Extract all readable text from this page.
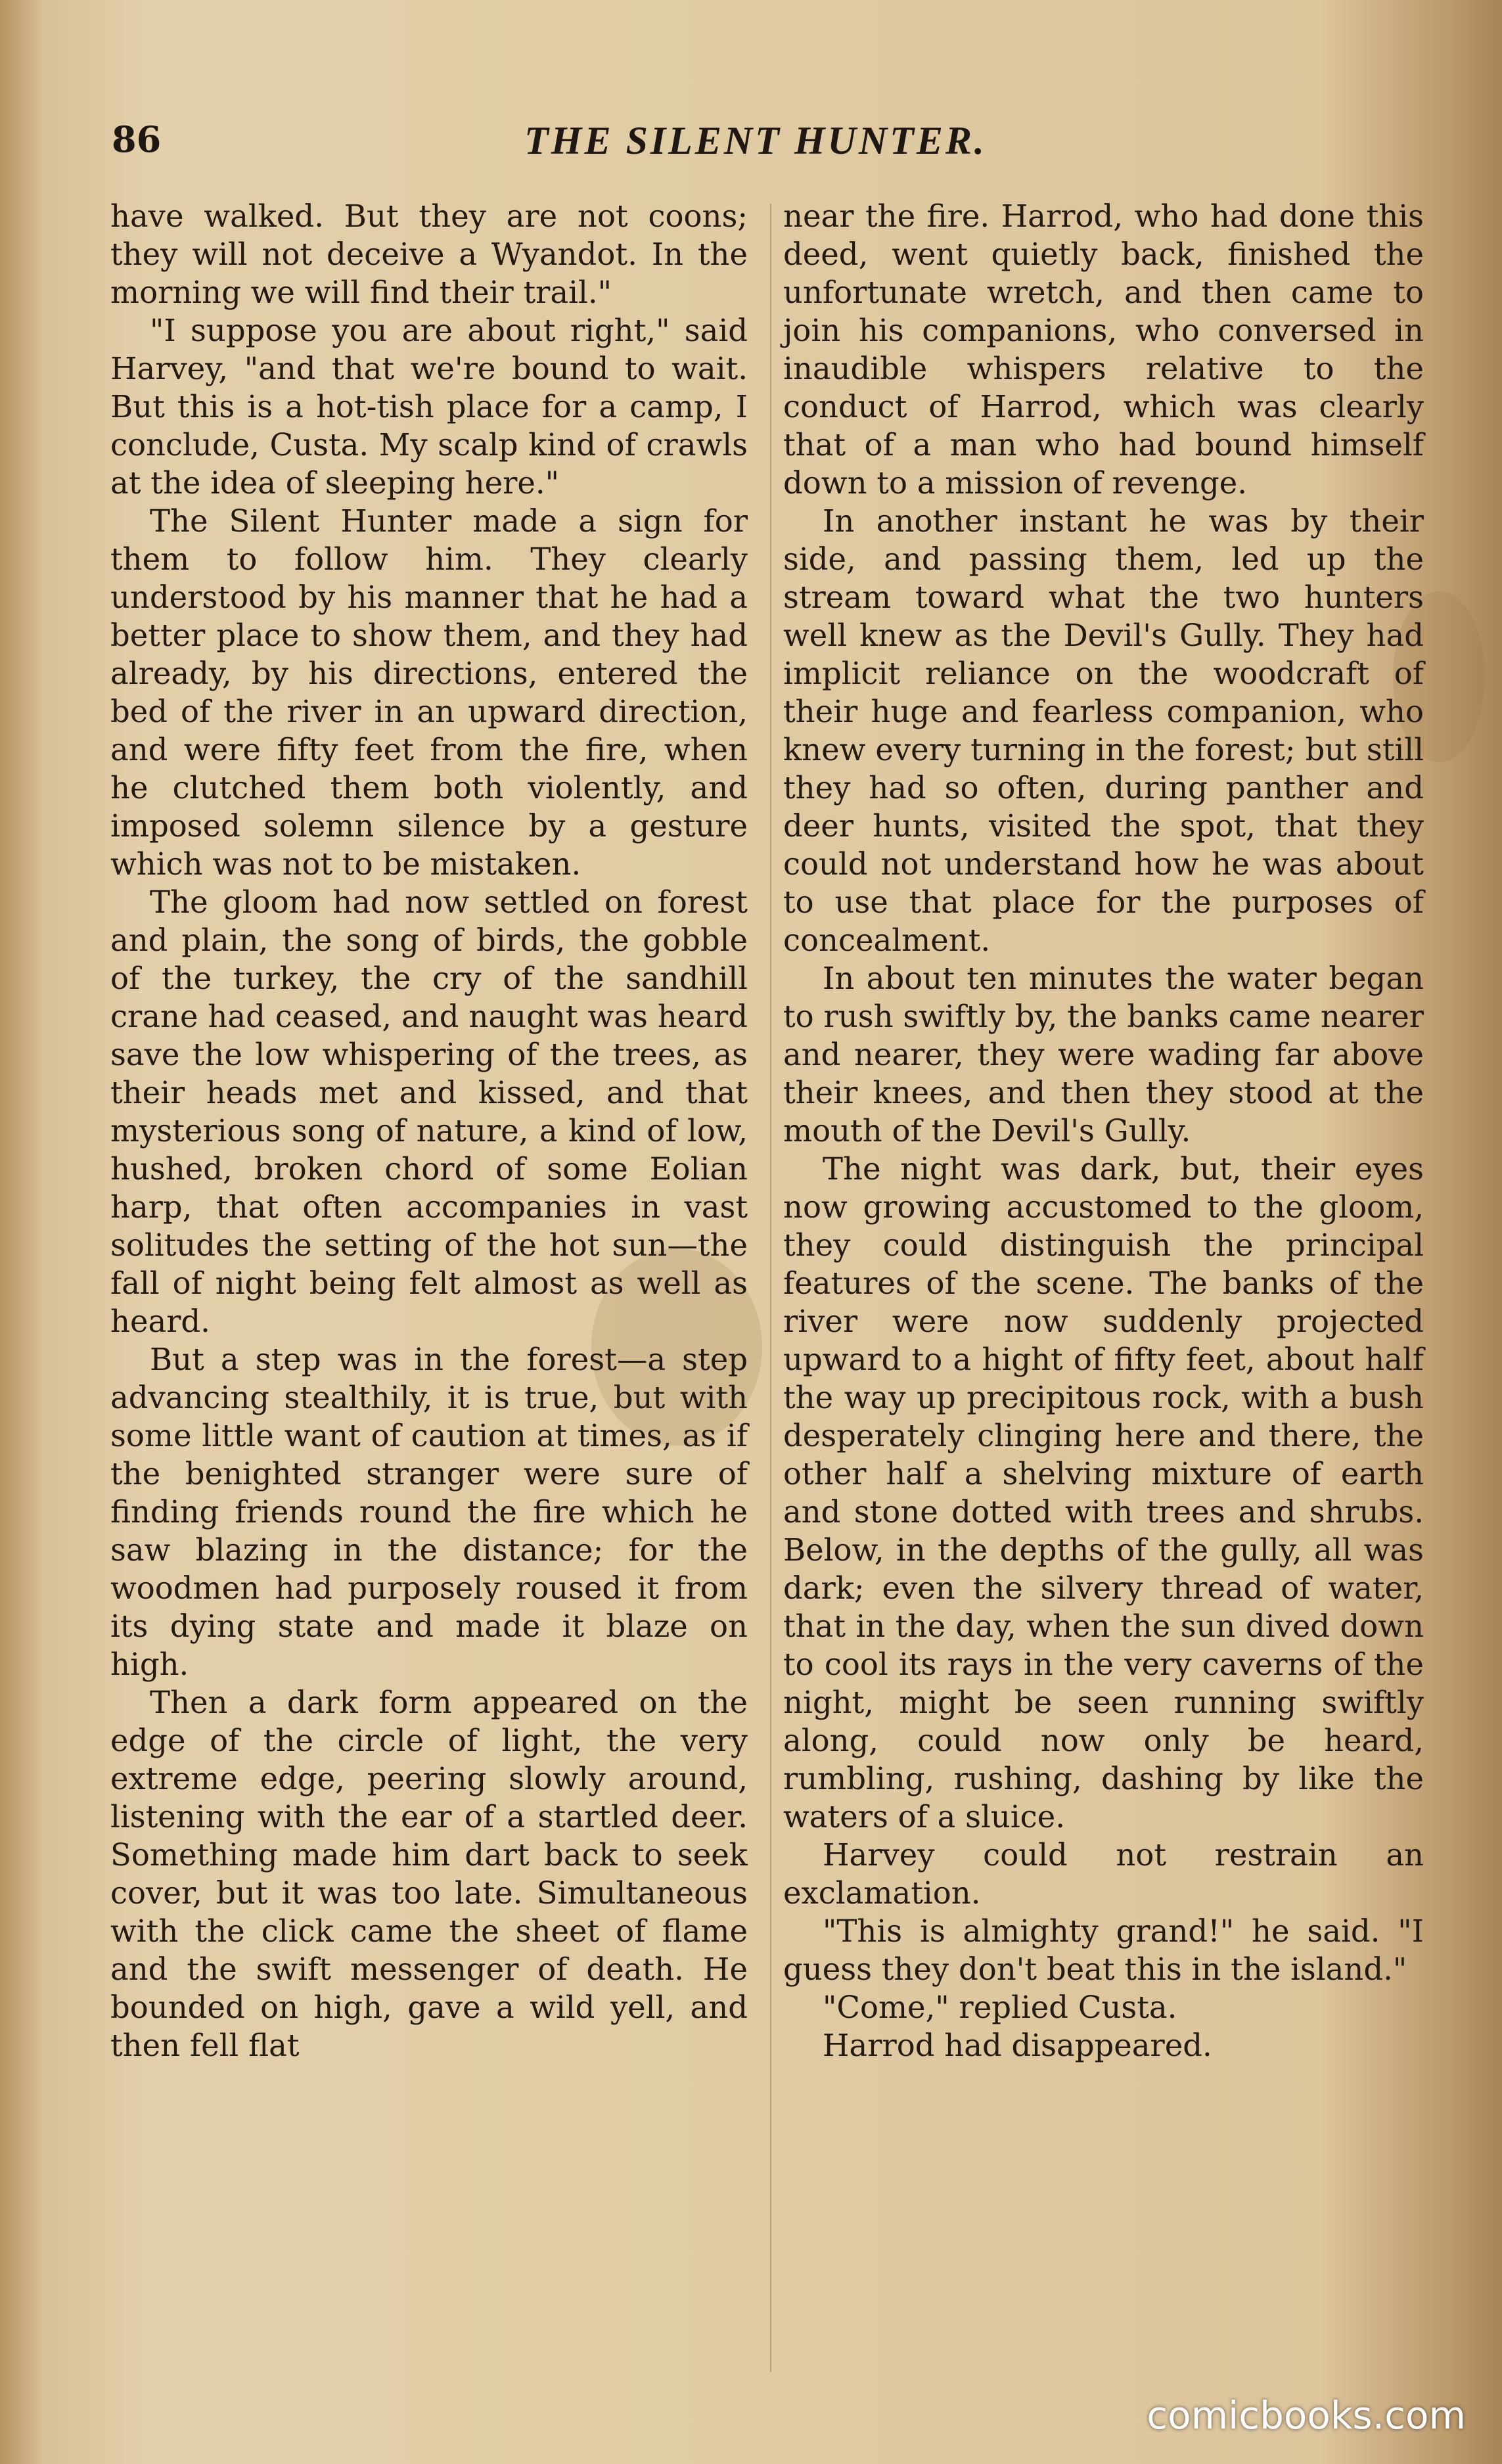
86	THE SILENT HUNTER.

have walked. But they are not coons; they will not deceive a Wyandot. In the morning we will find their trail."

"I suppose you are about right," said Harvey, "and that we're bound to wait. But this is a hot-tish place for a camp, I conclude, Custa. My scalp kind of crawls at the idea of sleeping here."

The Silent Hunter made a sign for them to follow him. They clearly understood by his manner that he had a better place to show them, and they had already, by his directions, entered the bed of the river in an upward direction, and were fifty feet from the fire, when he clutched them both violently, and imposed solemn silence by a gesture which was not to be mistaken.

The gloom had now settled on forest and plain, the song of birds, the gobble of the turkey, the cry of the sandhill crane had ceased, and naught was heard save the low whispering of the trees, as their heads met and kissed, and that mysterious song of nature, a kind of low, hushed, broken chord of some Eolian harp, that often accompanies in vast solitudes the setting of the hot sun—the fall of night being felt almost as well as heard.

But a step was in the forest—a step advancing stealthily, it is true, but with some little want of caution at times, as if the benighted stranger were sure of finding friends round the fire which he saw blazing in the distance; for the woodmen had purposely roused it from its dying state and made it blaze on high.

Then a dark form appeared on the edge of the circle of light, the very extreme edge, peering slowly around, listening with the ear of a startled deer. Something made him dart back to seek cover, but it was too late. Simultaneous with the click came the sheet of flame and the swift messenger of death. He bounded on high, gave a wild yell, and then fell flat

near the fire. Harrod, who had done this deed, went quietly back, finished the unfortunate wretch, and then came to join his companions, who conversed in inaudible whispers relative to the conduct of Harrod, which was clearly that of a man who had bound himself down to a mission of revenge.

In another instant he was by their side, and passing them, led up the stream toward what the two hunters well knew as the Devil's Gully. They had implicit reliance on the woodcraft of their huge and fearless companion, who knew every turning in the forest; but still they had so often, during panther and deer hunts, visited the spot, that they could not understand how he was about to use that place for the purposes of concealment.

In about ten minutes the water began to rush swiftly by, the banks came nearer and nearer, they were wading far above their knees, and then they stood at the mouth of the Devil's Gully.

The night was dark, but, their eyes now growing accustomed to the gloom, they could distinguish the principal features of the scene. The banks of the river were now suddenly projected upward to a hight of fifty feet, about half the way up precipitous rock, with a bush desperately clinging here and there, the other half a shelving mixture of earth and stone dotted with trees and shrubs. Below, in the depths of the gully, all was dark; even the silvery thread of water, that in the day, when the sun dived down to cool its rays in the very caverns of the night, might be seen running swiftly along, could now only be heard, rumbling, rushing, dashing by like the waters of a sluice.

Harvey could not restrain an exclamation.

"This is almighty grand!" he said. "I guess they don't beat this in the island."

"Come," replied Custa.

Harrod had disappeared.

comicbooks.com
